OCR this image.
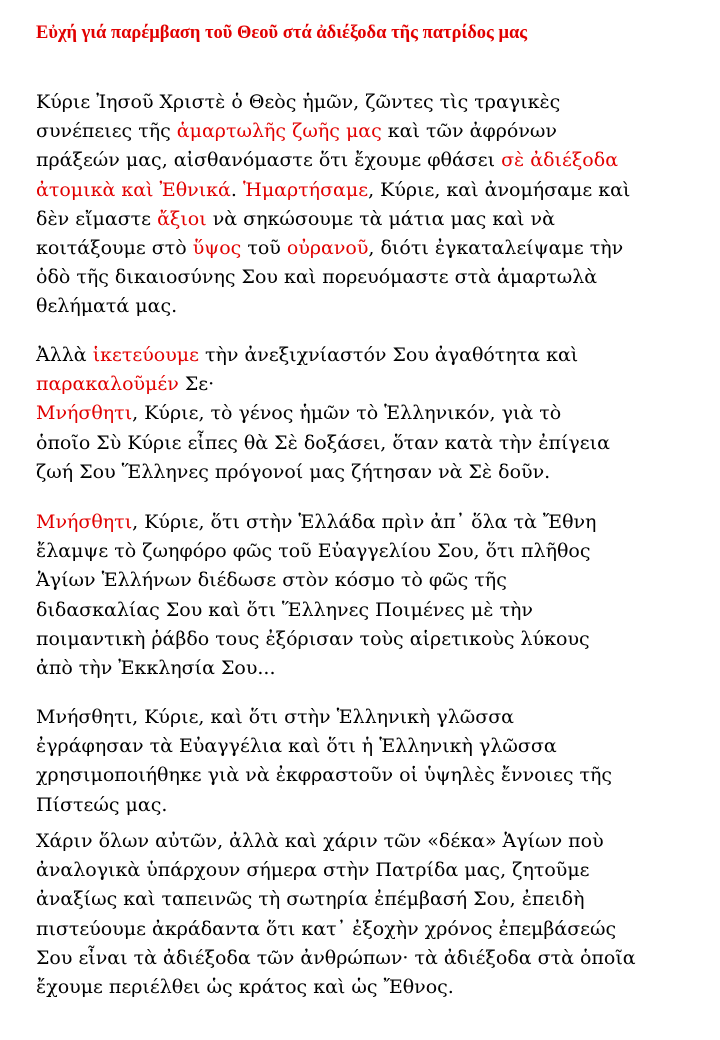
Εὐχή γιά παρέμβαση τοῦ Θεοῦ στά ἀδιέξοδα τῆς πατρίδος μας
Κύριε Ἰησοῦ Χριστὲ ὁ Θεὸς ἡμῶν, ζῶντες τὶς τραγικὲς
συνέπειες τῆς ἁμαρτωλῆς ζωῆς μας καὶ τῶν ἀφρόνων
πράξεών μας, αἰσθανόμαστε ὅτι ἔχουμε φθάσει σὲ ἀδιέξοδα
ἀτομικὰ καὶ Ἐθνικά. Ἡμαρτήσαμε, Κύριε, καὶ ἀνομήσαμε καὶ
δὲν εἴμαστε ἄξιοι νὰ σηκώσουμε τὰ μάτια μας καὶ νὰ
κοιτάξουμε στὸ ὕψος τοῦ οὐρανοῦ, διότι ἐγκαταλείψαμε τὴν
ὁδὸ τῆς δικαιοσύνης Σου καὶ πορευόμαστε στὰ ἁμαρτωλὰ
θελήματά μας.
Ἀλλὰ ἱκετεύουμε τὴν ἀνεξιχνίαστόν Σου ἀγαθότητα καὶ
παρακαλοῦμέν Σε·
Μνήσθητι, Κύριε, τὸ γένος ἡμῶν τὸ Ἑλληνικόν, γιὰ τὸ
ὁποῖο Σὺ Κύριε εἶπες θὰ Σὲ δοξάσει, ὅταν κατὰ τὴν ἐπίγεια
ζωή Σου Ἕλληνες πρόγονοί μας ζήτησαν νὰ Σὲ δοῦν.
Μνήσθητι, Κύριε, ὅτι στὴν Ἑλλάδα πρὶν ἀπ᾽ ὅλα τὰ Ἔθνη
ἔλαμψε τὸ ζωηφόρο φῶς τοῦ Εὐαγγελίου Σου, ὅτι πλῆθος
Ἁγίων Ἑλλήνων διέδωσε στὸν κόσμο τὸ φῶς τῆς
διδασκαλίας Σου καὶ ὅτι Ἕλληνες Ποιμένες μὲ τὴν
ποιμαντικὴ ῥάβδο τους ἐξόρισαν τοὺς αἱρετικοὺς λύκους
ἀπὸ τὴν Ἐκκλησία Σου...
Μνήσθητι, Κύριε, καὶ ὅτι στὴν Ἑλληνικὴ γλῶσσα
ἐγράφησαν τὰ Εὐαγγέλια καὶ ὅτι ἡ Ἑλληνικὴ γλῶσσα
χρησιμοποιήθηκε γιὰ νὰ ἐκφραστοῦν οἱ ὑψηλὲς ἔννοιες τῆς
Πίστεώς μας.
Χάριν ὅλων αὐτῶν, ἀλλὰ καὶ χάριν τῶν «δέκα» Ἁγίων ποὺ
ἀναλογικὰ ὑπάρχουν σήμερα στὴν Πατρίδα μας, ζητοῦμε
ἀναξίως καὶ ταπεινῶς τὴ σωτηρία ἐπέμβασή Σου, ἐπειδὴ
πιστεύουμε ἀκράδαντα ὅτι κατ᾽ ἐξοχὴν χρόνος ἐπεμβάσεώς
Σου εἶναι τὰ ἀδιέξοδα τῶν ἀνθρώπων· τὰ ἀδιέξοδα στὰ ὁποῖα
ἔχουμε περιέλθει ὡς κράτος καὶ ὡς Ἔθνος.
